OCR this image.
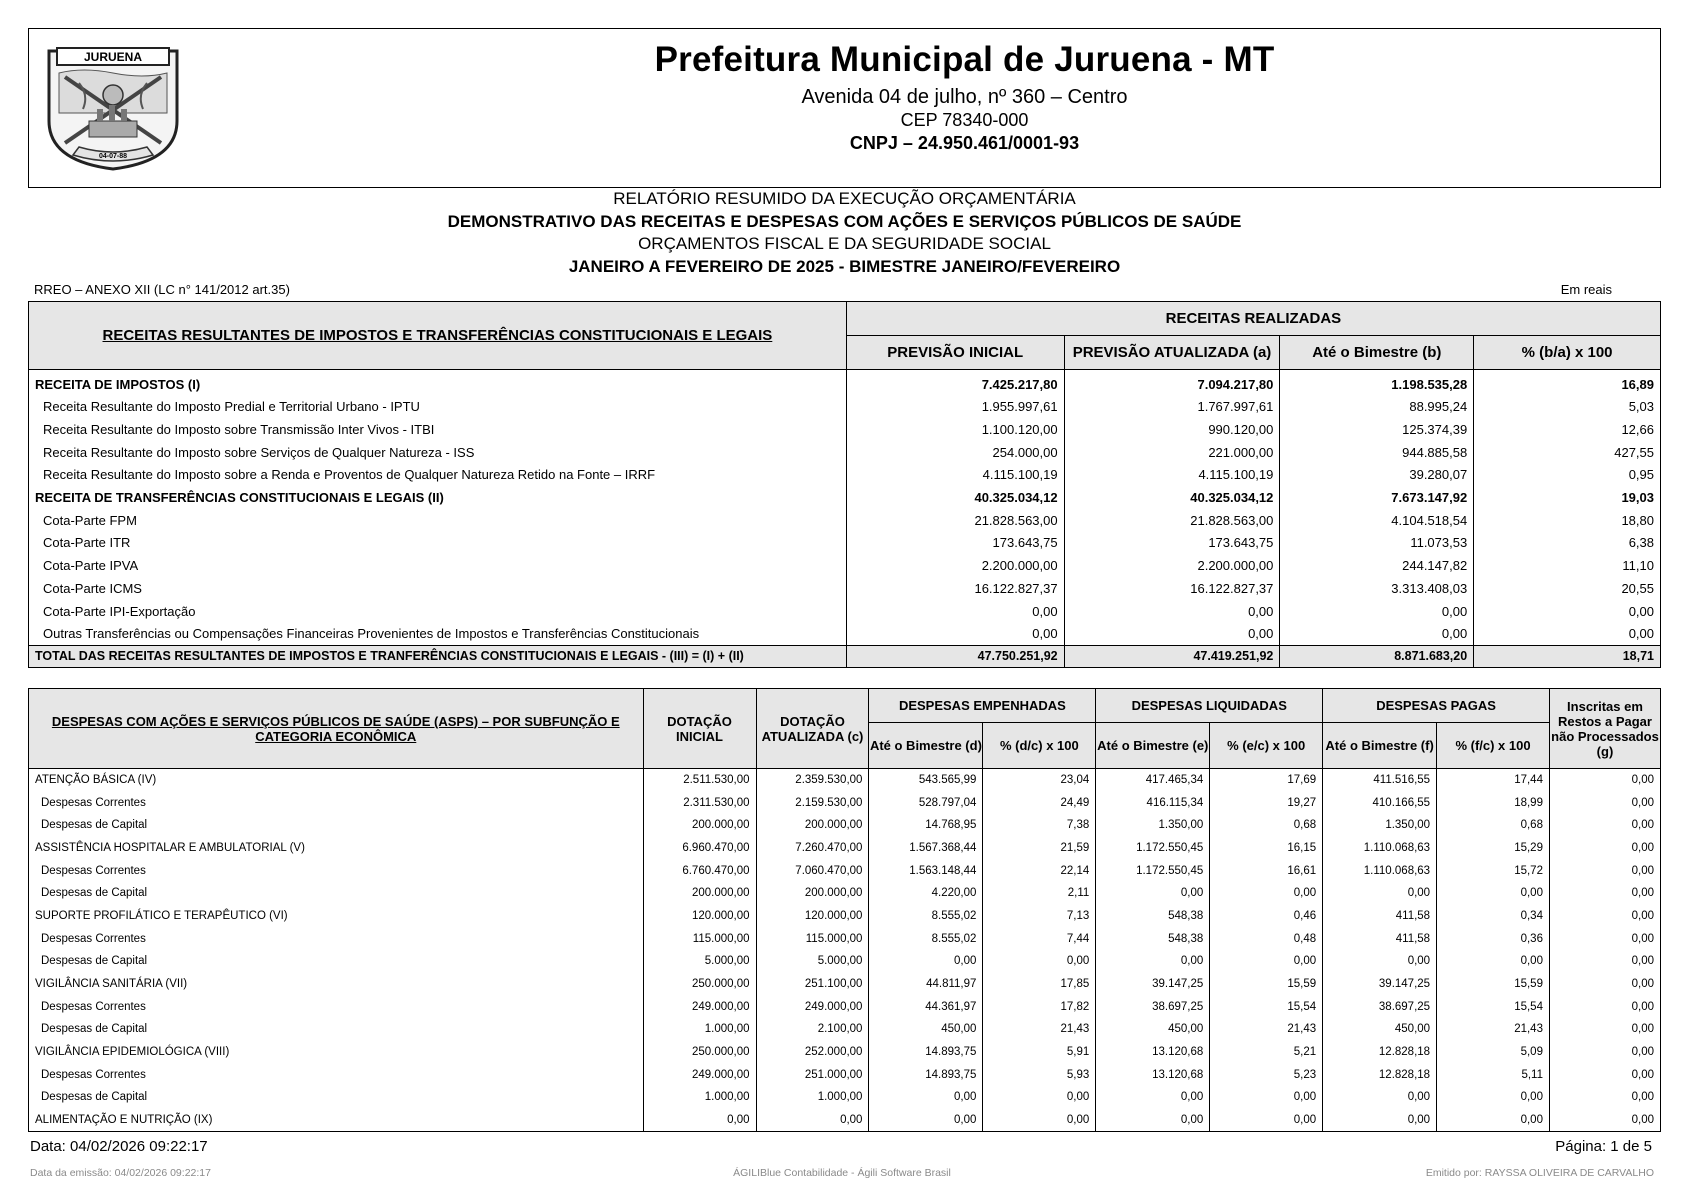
JURUENA
04-07-88
Prefeitura Municipal de Juruena - MT
Avenida 04 de julho, nº 360 – Centro
CEP 78340-000
CNPJ – 24.950.461/0001-93
RELATÓRIO RESUMIDO DA EXECUÇÃO ORÇAMENTÁRIA
DEMONSTRATIVO DAS RECEITAS E DESPESAS COM AÇÕES E SERVIÇOS PÚBLICOS DE SAÚDE
ORÇAMENTOS FISCAL E DA SEGURIDADE SOCIAL
JANEIRO A FEVEREIRO DE 2025 - BIMESTRE JANEIRO/FEVEREIRO
RREO – ANEXO XII (LC n° 141/2012 art.35)	Em reais
RECEITAS RESULTANTES DE IMPOSTOS E TRANSFERÊNCIAS CONSTITUCIONAIS E LEGAIS	RECEITAS REALIZADAS			
	PREVISÃO INICIAL	PREVISÃO ATUALIZADA (a)	Até o Bimestre (b)	% (b/a) x 100
RECEITA DE IMPOSTOS (I)	7.425.217,80	7.094.217,80	1.198.535,28	16,89
Receita Resultante do Imposto Predial e Territorial Urbano - IPTU	1.955.997,61	1.767.997,61	88.995,24	5,03
Receita Resultante do Imposto sobre Transmissão Inter Vivos - ITBI	1.100.120,00	990.120,00	125.374,39	12,66
Receita Resultante do Imposto sobre Serviços de Qualquer Natureza - ISS	254.000,00	221.000,00	944.885,58	427,55
Receita Resultante do Imposto sobre a Renda e Proventos de Qualquer Natureza Retido na Fonte – IRRF	4.115.100,19	4.115.100,19	39.280,07	0,95
RECEITA DE TRANSFERÊNCIAS CONSTITUCIONAIS E LEGAIS (II)	40.325.034,12	40.325.034,12	7.673.147,92	19,03
Cota-Parte FPM	21.828.563,00	21.828.563,00	4.104.518,54	18,80
Cota-Parte ITR	173.643,75	173.643,75	11.073,53	6,38
Cota-Parte IPVA	2.200.000,00	2.200.000,00	244.147,82	11,10
Cota-Parte ICMS	16.122.827,37	16.122.827,37	3.313.408,03	20,55
Cota-Parte IPI-Exportação	0,00	0,00	0,00	0,00
Outras Transferências ou Compensações Financeiras Provenientes de Impostos e Transferências Constitucionais	0,00	0,00	0,00	0,00
TOTAL DAS RECEITAS RESULTANTES DE IMPOSTOS E TRANFERÊNCIAS CONSTITUCIONAIS E LEGAIS - (III) = (I) + (II)	47.750.251,92	47.419.251,92	8.871.683,20	18,71
DESPESAS COM AÇÕES E SERVIÇOS PÚBLICOS DE SAÚDE (ASPS) – POR SUBFUNÇÃO E CATEGORIA ECONÔMICA	DOTAÇÃO INICIAL	DOTAÇÃO ATUALIZADA (c)	DESPESAS EMPENHADAS		DESPESAS LIQUIDADAS		DESPESAS PAGAS		Inscritas em Restos a Pagar não Processados (g)
			Até o Bimestre (d)	% (d/c) x 100	Até o Bimestre (e)	% (e/c) x 100	Até o Bimestre (f)	% (f/c) x 100	
ATENÇÃO BÁSICA (IV)	2.511.530,00	2.359.530,00	543.565,99	23,04	417.465,34	17,69	411.516,55	17,44	0,00
Despesas Correntes	2.311.530,00	2.159.530,00	528.797,04	24,49	416.115,34	19,27	410.166,55	18,99	0,00
Despesas de Capital	200.000,00	200.000,00	14.768,95	7,38	1.350,00	0,68	1.350,00	0,68	0,00
ASSISTÊNCIA HOSPITALAR E AMBULATORIAL (V)	6.960.470,00	7.260.470,00	1.567.368,44	21,59	1.172.550,45	16,15	1.110.068,63	15,29	0,00
Despesas Correntes	6.760.470,00	7.060.470,00	1.563.148,44	22,14	1.172.550,45	16,61	1.110.068,63	15,72	0,00
Despesas de Capital	200.000,00	200.000,00	4.220,00	2,11	0,00	0,00	0,00	0,00	0,00
SUPORTE PROFILÁTICO E TERAPÊUTICO (VI)	120.000,00	120.000,00	8.555,02	7,13	548,38	0,46	411,58	0,34	0,00
Despesas Correntes	115.000,00	115.000,00	8.555,02	7,44	548,38	0,48	411,58	0,36	0,00
Despesas de Capital	5.000,00	5.000,00	0,00	0,00	0,00	0,00	0,00	0,00	0,00
VIGILÂNCIA SANITÁRIA (VII)	250.000,00	251.100,00	44.811,97	17,85	39.147,25	15,59	39.147,25	15,59	0,00
Despesas Correntes	249.000,00	249.000,00	44.361,97	17,82	38.697,25	15,54	38.697,25	15,54	0,00
Despesas de Capital	1.000,00	2.100,00	450,00	21,43	450,00	21,43	450,00	21,43	0,00
VIGILÂNCIA EPIDEMIOLÓGICA (VIII)	250.000,00	252.000,00	14.893,75	5,91	13.120,68	5,21	12.828,18	5,09	0,00
Despesas Correntes	249.000,00	251.000,00	14.893,75	5,93	13.120,68	5,23	12.828,18	5,11	0,00
Despesas de Capital	1.000,00	1.000,00	0,00	0,00	0,00	0,00	0,00	0,00	0,00
ALIMENTAÇÃO E NUTRIÇÃO (IX)	0,00	0,00	0,00	0,00	0,00	0,00	0,00	0,00	0,00
Data: 04/02/2026 09:22:17	Página: 1 de 5
Data da emissão: 04/02/2026 09:22:17	ÁGILIBlue Contabilidade - Ágili Software Brasil	Emitido por: RAYSSA OLIVEIRA DE CARVALHO
